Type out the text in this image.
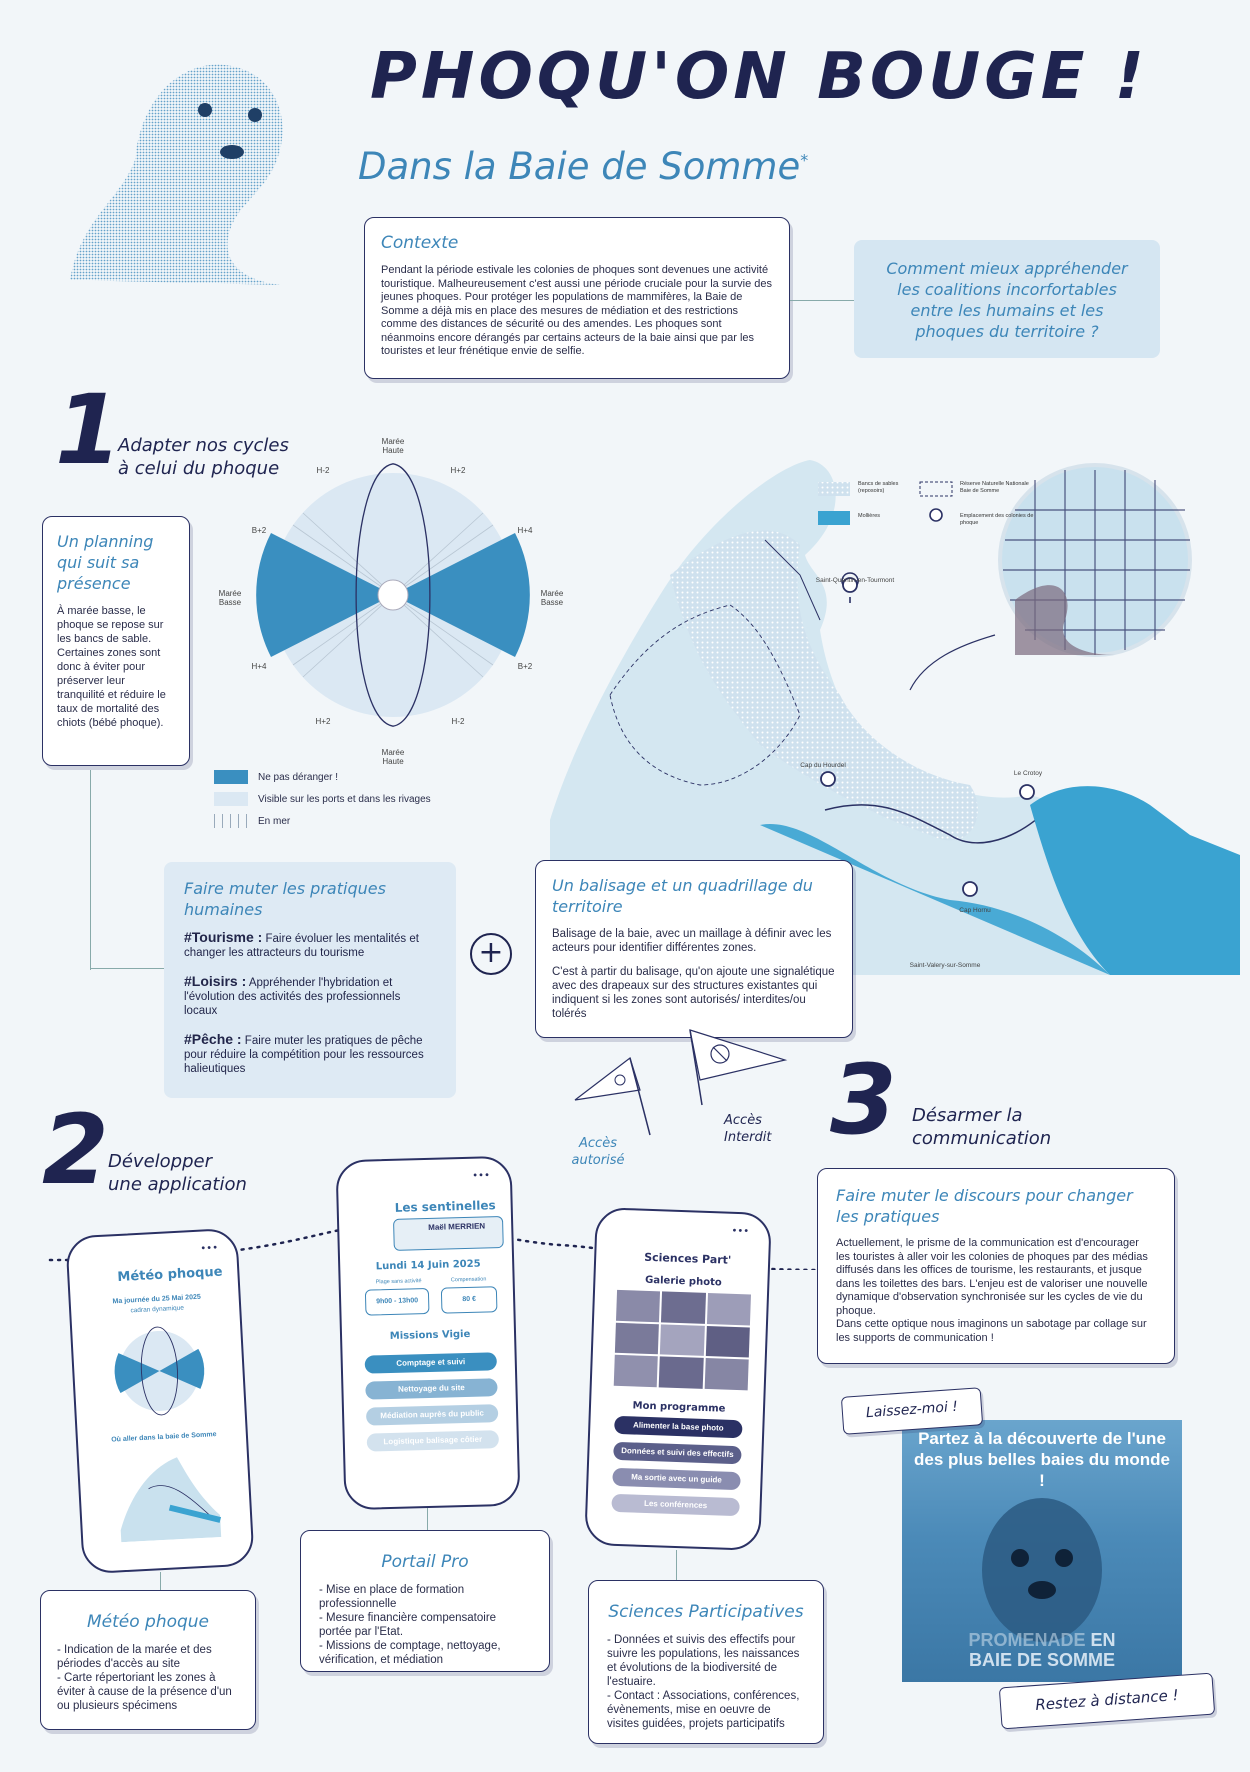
PHOQU'ON BOUGE !
Dans la Baie de Somme*
Contexte

Pendant la période estivale les colonies de phoques sont devenues une activité touristique. Malheureusement c'est aussi une période cruciale pour la survie des jeunes phoques. Pour protéger les populations de mammifères, la Baie de Somme a déjà mis en place des mesures de médiation et des restrictions comme des distances de sécurité ou des amendes. Les phoques sont néanmoins encore dérangés par certains acteurs de la baie ainsi que par les touristes et leur frénétique envie de selfie.

Comment mieux appréhender les coalitions incorfortables entre les humains et les phoques du territoire ?
1
Adapter nos cycles
à celui du phoque
Un planning qui suit sa présence

À marée basse, le phoque se repose sur les bancs de sable. Certaines zones sont donc à éviter pour préserver leur tranquilité et réduire le taux de mortalité des chiots (bébé phoque).

Marée Haute
Marée Haute
Marée Basse
Marée Basse
H-2	H+2
B+2	H+4
H+4	B+2
H+2	H-2
Ne pas déranger !
Visible sur les ports et dans les rivages
En mer
Bancs de sables (reposoirs)
Réserve Naturelle Nationale Baie de Somme
Mollières	Emplacement des colonies de phoque
Saint-Quentin-en-Tourmont
Cap du Hourdel
Le Crotoy
Cap Hornu
Saint-Valery-sur-Somme
Faire muter les pratiques humaines
#Tourisme : Faire évoluer les mentalités et changer les attracteurs du tourisme
#Loisirs : Appréhender l'hybridation et l'évolution des activités des professionnels locaux
#Pêche : Faire muter les pratiques de pêche pour réduire la compétition pour les ressources halieutiques
+
Un balisage et un quadrillage du territoire

Balisage de la baie, avec un maillage à définir avec les acteurs pour identifier différentes zones.

C'est à partir du balisage, qu'on ajoute une signalétique avec des drapeaux sur des structures existantes qui indiquent si les zones sont autorisés/ interdites/ou tolérés

Accès autorisé
Accès Interdit
2 Développer
une application
3 Désarmer la
communication
•••
Météo phoque
Ma journée du 25 Mai 2025
cadran dynamique
Où aller dans la baie de Somme
•••
Les sentinelles
Maël MERRIEN
Lundi 14 Juin 2025
Plage sans activité	Compensation
9h00 - 13h00	80 €
Missions Vigie
Comptage et suivi
Nettoyage du site
Médiation auprès du public
Logistique balisage côtier
•••
Sciences Part'
Galerie photo
Mon programme
Alimenter la base photo
Données et suivi des effectifs
Ma sortie avec un guide
Les conférences
Météo phoque

- Indication de la marée et des périodes d'accès au site

- Carte répertoriant les zones à éviter à cause de la présence d'un ou plusieurs spécimens

Portail Pro

- Mise en place de formation professionnelle

- Mesure financière compensatoire portée par l'Etat.

- Missions de comptage, nettoyage, vérification, et médiation

Sciences Participatives

- Données et suivis des effectifs pour suivre les populations, les naissances et évolutions de la biodiversité de l'estuaire.

- Contact : Associations, conférences, évènements, mise en oeuvre de visites guidées, projets participatifs

Faire muter le discours pour changer les pratiques

Actuellement, le prisme de la communication est d'encourager les touristes à aller voir les colonies de phoques par des médias diffusés dans les offices de tourisme, les restaurants, et jusque dans les toilettes des bars. L'enjeu est de valoriser une nouvelle dynamique d'observation synchronisée sur les cycles de vie du phoque.

Dans cette optique nous imaginons un sabotage par collage sur les supports de communication !

Partez à la découverte de l'une des plus belles baies du monde !
PROMENADE EN
BAIE DE SOMME
Laissez-moi !
Restez à distance !
